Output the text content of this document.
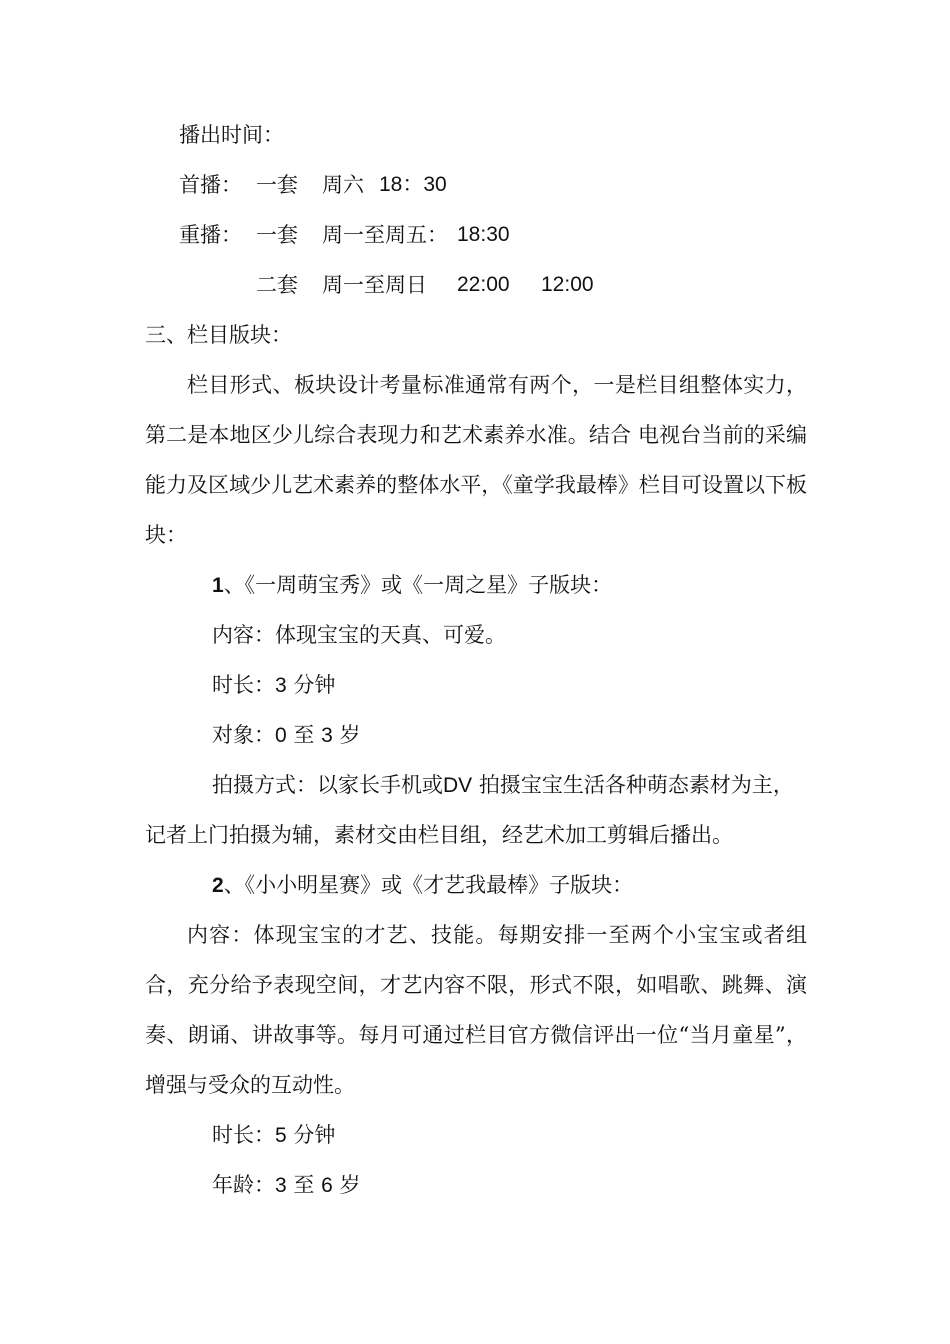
播出时间：
首播： 一套 周六 18：30
重播： 一套 周一至周五： 18:30
二套 周一至周日 22:00 12:00
三、栏目版块：
栏目形式、板块设计考量标准通常有两个，一是栏目组整体实力，第二是本地区少儿综合表现力和艺术素养水准。结合 电视台当前的采编能力及区域少儿艺术素养的整体水平，《童学我最棒》栏目可设置以下板块：
1、《一周萌宝秀》或《一周之星》子版块：
内容：体现宝宝的天真、可爱。
时长：3 分钟
对象：0 至 3 岁
拍摄方式：以家长手机或DV 拍摄宝宝生活各种萌态素材为主，
记者上门拍摄为辅，素材交由栏目组，经艺术加工剪辑后播出。
2、《小小明星赛》或《才艺我最棒》子版块：
内容：体现宝宝的才艺、技能。每期安排一至两个小宝宝或者组合，充分给予表现空间，才艺内容不限，形式不限，如唱歌、跳舞、演奏、朗诵、讲故事等。每月可通过栏目官方微信评出一位“当月童星”，增强与受众的互动性。
时长：5 分钟
年龄：3 至 6 岁
